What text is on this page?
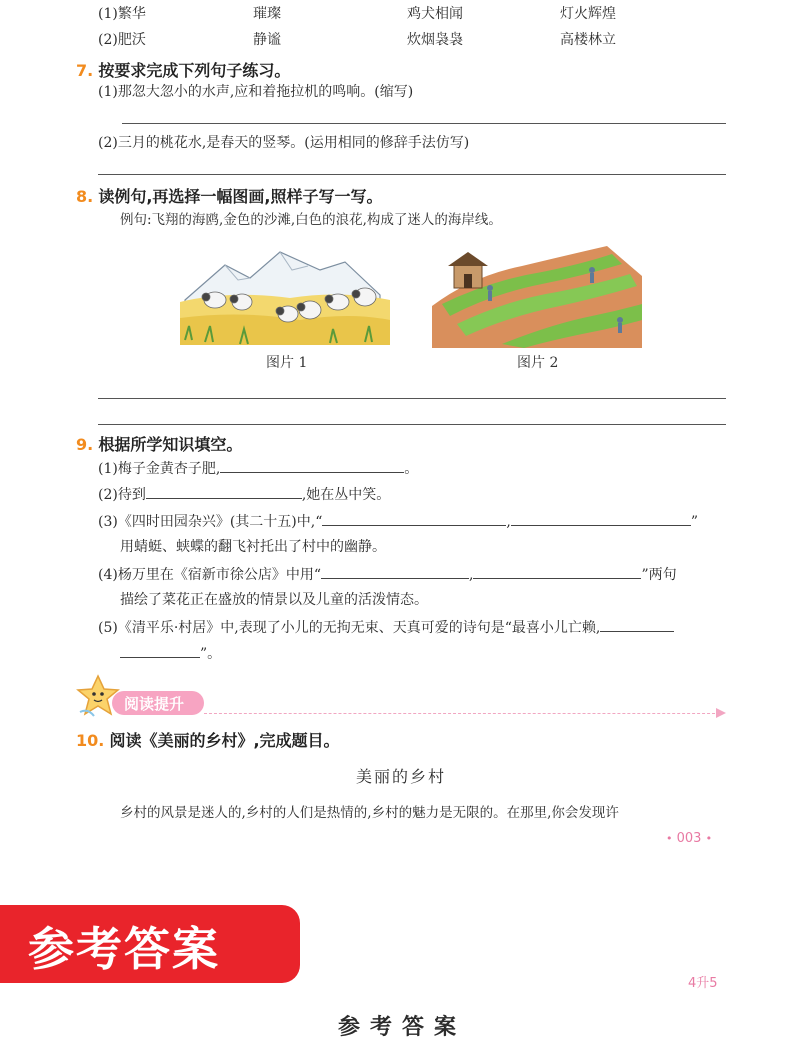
(1)繁华	璀璨	鸡犬相闻	灯火辉煌
(2)肥沃	静谧	炊烟袅袅	高楼林立
7. 按要求完成下列句子练习。
(1)那忽大忽小的水声,应和着拖拉机的鸣响。(缩写)
(2)三月的桃花水,是春天的竖琴。(运用相同的修辞手法仿写)
8. 读例句,再选择一幅图画,照样子写一写。
例句:飞翔的海鸥,金色的沙滩,白色的浪花,构成了迷人的海岸线。
图片 1	图片 2
9. 根据所学知识填空。
(1)梅子金黄杏子肥,	。
(2)待到	,她在丛中笑。
(3)《四时田园杂兴》(其二十五)中,“	,	”
用蜻蜓、蛱蝶的翻飞衬托出了村中的幽静。
(4)杨万里在《宿新市徐公店》中用“	,	”两句
描绘了菜花正在盛放的情景以及儿童的活泼情态。
(5)《清平乐·村居》中,表现了小儿的无拘无束、天真可爱的诗句是“最喜小儿亡赖,
”。
阅读提升
10. 阅读《美丽的乡村》,完成题目。
美丽的乡村
乡村的风景是迷人的,乡村的人们是热情的,乡村的魅力是无限的。在那里,你会发现许
• 003 •
参考答案
4升5
参考答案
